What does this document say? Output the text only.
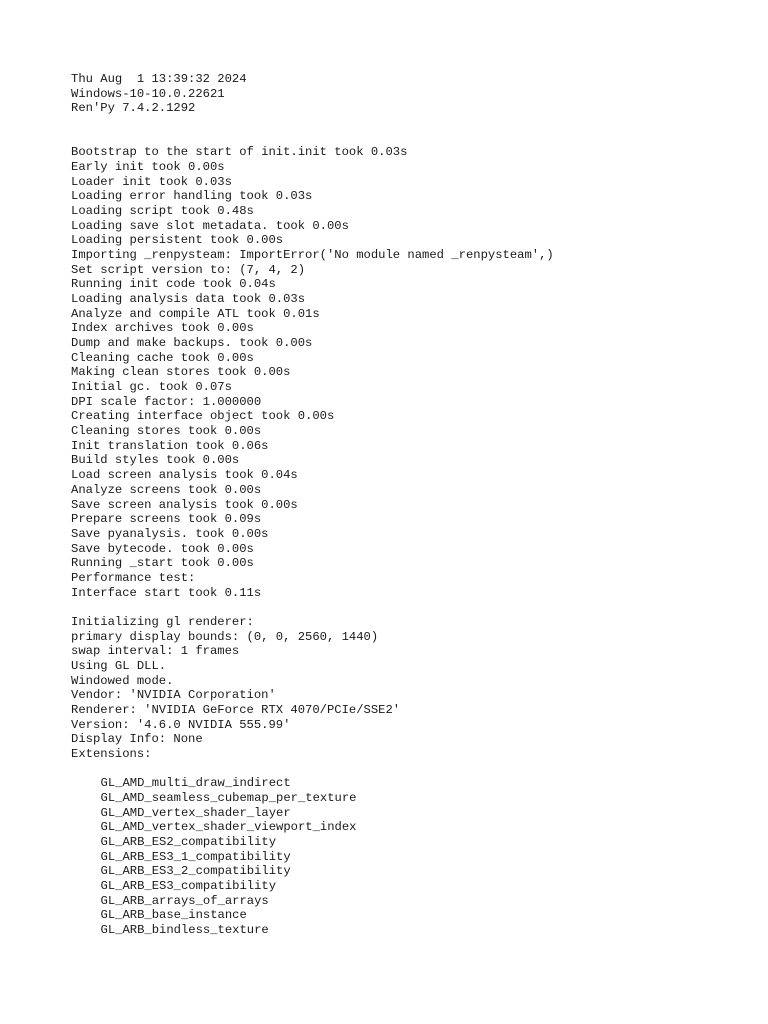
Thu Aug  1 13:39:32 2024
Windows-10-10.0.22621
Ren'Py 7.4.2.1292
Bootstrap to the start of init.init took 0.03s
Early init took 0.00s
Loader init took 0.03s
Loading error handling took 0.03s
Loading script took 0.48s
Loading save slot metadata. took 0.00s
Loading persistent took 0.00s
Importing _renpysteam: ImportError('No module named _renpysteam',)
Set script version to: (7, 4, 2)
Running init code took 0.04s
Loading analysis data took 0.03s
Analyze and compile ATL took 0.01s
Index archives took 0.00s
Dump and make backups. took 0.00s
Cleaning cache took 0.00s
Making clean stores took 0.00s
Initial gc. took 0.07s
DPI scale factor: 1.000000
Creating interface object took 0.00s
Cleaning stores took 0.00s
Init translation took 0.06s
Build styles took 0.00s
Load screen analysis took 0.04s
Analyze screens took 0.00s
Save screen analysis took 0.00s
Prepare screens took 0.09s
Save pyanalysis. took 0.00s
Save bytecode. took 0.00s
Running _start took 0.00s
Performance test:
Interface start took 0.11s
Initializing gl renderer:
primary display bounds: (0, 0, 2560, 1440)
swap interval: 1 frames
Using GL DLL.
Windowed mode.
Vendor: 'NVIDIA Corporation'
Renderer: 'NVIDIA GeForce RTX 4070/PCIe/SSE2'
Version: '4.6.0 NVIDIA 555.99'
Display Info: None
Extensions:
GL_AMD_multi_draw_indirect
GL_AMD_seamless_cubemap_per_texture
GL_AMD_vertex_shader_layer
GL_AMD_vertex_shader_viewport_index
GL_ARB_ES2_compatibility
GL_ARB_ES3_1_compatibility
GL_ARB_ES3_2_compatibility
GL_ARB_ES3_compatibility
GL_ARB_arrays_of_arrays
GL_ARB_base_instance
GL_ARB_bindless_texture
